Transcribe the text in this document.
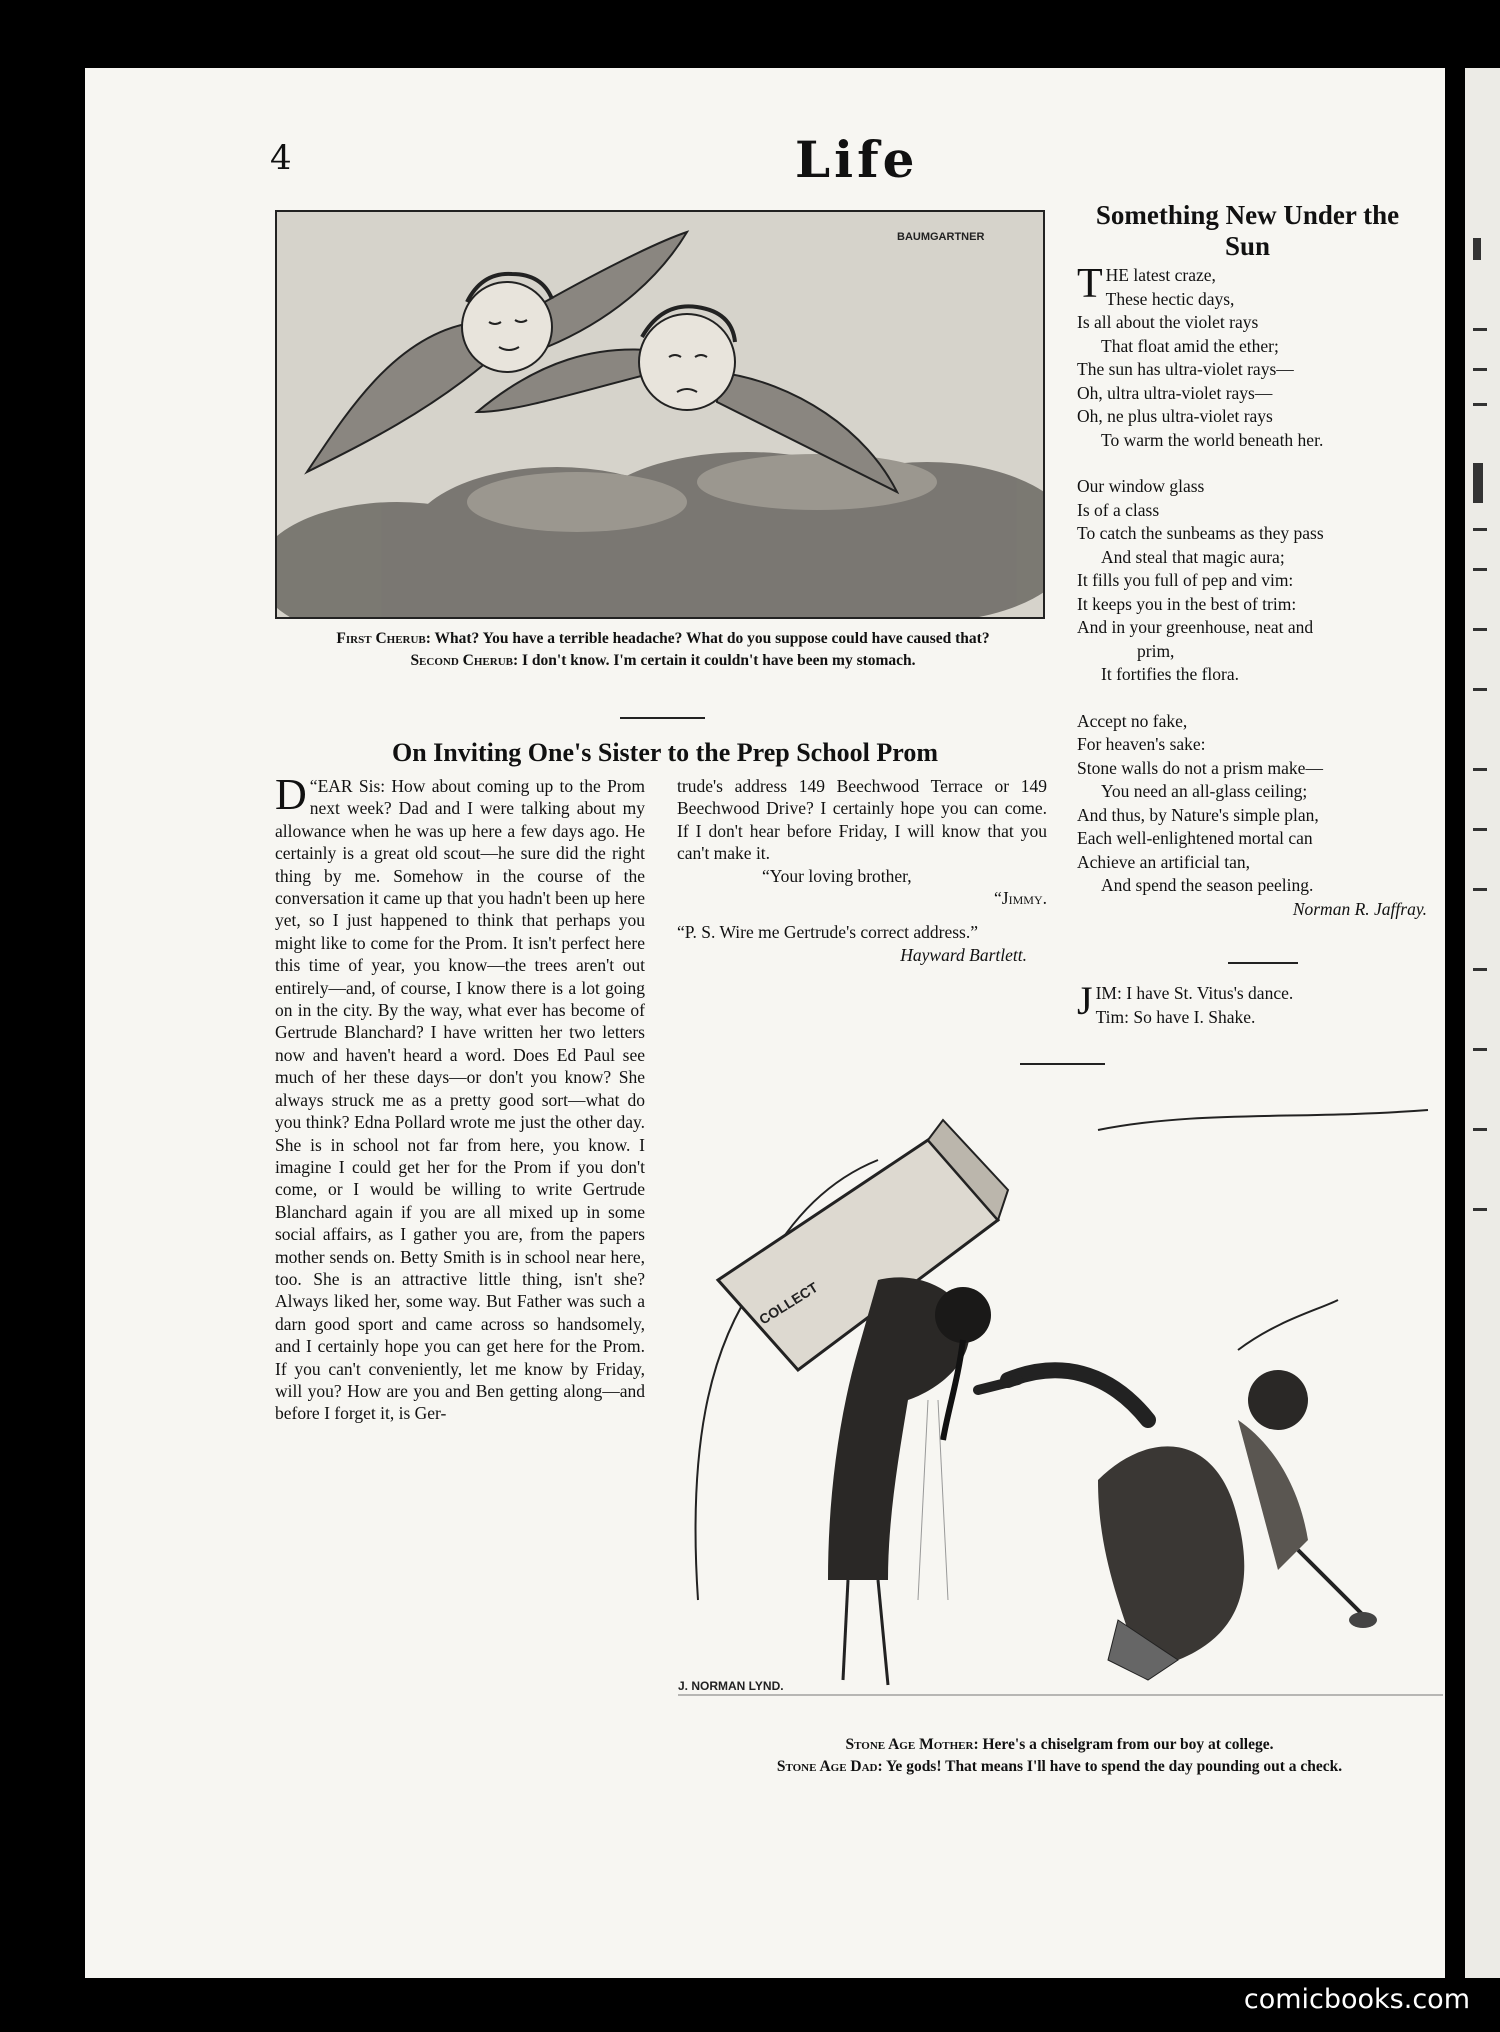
4	Life
BAUMGARTNER
First Cherub: What? You have a terrible headache? What do you suppose could have caused that?
Second Cherub: I don't know. I'm certain it couldn't have been my stomach.
On Inviting One's Sister to the Prep School Prom

“
D EAR Sis: How about coming up to the Prom next week? Dad and I were talking about my allowance when he was up here a few days ago. He certainly is a great old scout—he sure did the right thing by me. Somehow in the course of the conversation it came up that you hadn't been up here yet, so I just happened to think that perhaps you might like to come for the Prom. It isn't perfect here this time of year, you know—the trees aren't out entirely—and, of course, I know there is a lot going on in the city. By the way, what ever has become of Gertrude Blanchard? I have written her two letters now and haven't heard a word. Does Ed Paul see much of her these days—or don't you know? She always struck me as a pretty good sort—what do you think? Edna Pollard wrote me just the other day. She is in school not far from here, you know. I imagine I could get her for the Prom if you don't come, or I would be willing to write Gertrude Blanchard again if you are all mixed up in some social affairs, as I gather you are, from the papers mother sends on. Betty Smith is in school near here, too. She is an attractive little thing, isn't she? Always liked her, some way. But Father was such a darn good sport and came across so handsomely, and I certainly hope you can get here for the Prom. If you can't conveniently, let me know by Friday, will you? How are you and Ben getting along—and before I forget it, is Ger-

trude's address 149 Beechwood Terrace or 149 Beechwood Drive? I certainly hope you can come. If I don't hear before Friday, I will know that you can't make it.

“Your loving brother,

“Jimmy.

“P. S. Wire me Gertrude's correct address.”

Hayward Bartlett.

Something New Under the Sun
T HE latest craze,
These hectic days,
Is all about the violet rays
That float amid the ether;
The sun has ultra-violet rays—
Oh, ultra ultra-violet rays—
Oh, ne plus ultra-violet rays
To warm the world beneath her.
Our window glass
Is of a class
To catch the sunbeams as they pass
And steal that magic aura;
It fills you full of pep and vim:
It keeps you in the best of trim:
And in your greenhouse, neat and
prim,
It fortifies the flora.
Accept no fake,
For heaven's sake:
Stone walls do not a prism make—
You need an all-glass ceiling;
And thus, by Nature's simple plan,
Each well-enlightened mortal can
Achieve an artificial tan,
And spend the season peeling.
Norman R. Jaffray.
J IM: I have St. Vitus's dance.
Tim: So have I. Shake.
COLLECT
J. NORMAN LYND.
Stone Age Mother: Here's a chiselgram from our boy at college.
Stone Age Dad: Ye gods! That means I'll have to spend the day pounding out a check.
comicbooks.com
